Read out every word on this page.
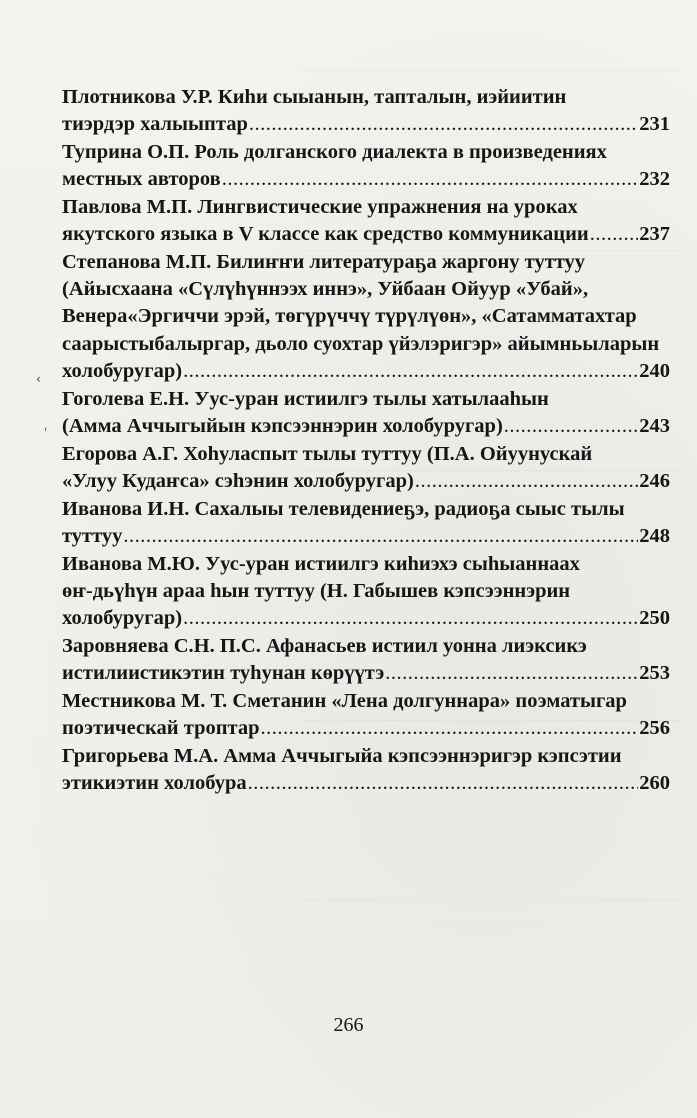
‹
ˈ
Плотникова У.Р. Киhи сыыанын, тапталын, иэйиитин
тиэрдэр халыыптар .....	231
Туприна О.П. Роль долганского диалекта в произведениях
местных авторов .....	232
Павлова М.П. Лингвистические упражнения на уроках
якутского языка в V классе как средство коммуникации ..... 237
Степанова М.П. Билиҥҥи литератураҕа жаргону туттуу
(Айысхаана «Сүлүһүннээх иннэ», Уйбаан Ойуур «Убай»,
Венера«Эргиччи эрэй, төгүрүччү түрүлүөн», «Сатамматахтар
саарыстыбалыргар, дьоло суохтар үйэлэригэр» айымньыларын
холобуругар) .....	240
Гоголева Е.Н. Уус-уран истиилгэ тылы хатылааһын
(Амма Аччыгыйын кэпсээннэрин холобуругар) .....	243
Егорова А.Г. Хоһуласпыт тылы туттуу (П.А. Ойуунускай
«Улуу Кудаҥса» сэһэнин холобуругар) .....	246
Иванова И.Н. Сахалыы телевидениеҕэ, радиоҕа сыыс тылы
туттуу .....	248
Иванова М.Ю. Уус-уран истиилгэ киһиэхэ сыһыаннаах
өҥ-дьүһүн араа һын туттуу (Н. Габышев кэпсээннэрин
холобуругар) .....	250
Заровняева С.Н. П.С. Афанасьев истиил уонна лиэксикэ
истилиистикэтин туһунан көрүүтэ .....	253
Местникова М. Т. Сметанин «Лена долгуннара» поэматыгар
поэтическай троптар .....	256
Григорьева М.А. Амма Аччыгыйа кэпсээннэригэр кэпсэтии
этикиэтин холобура .....	260
266
